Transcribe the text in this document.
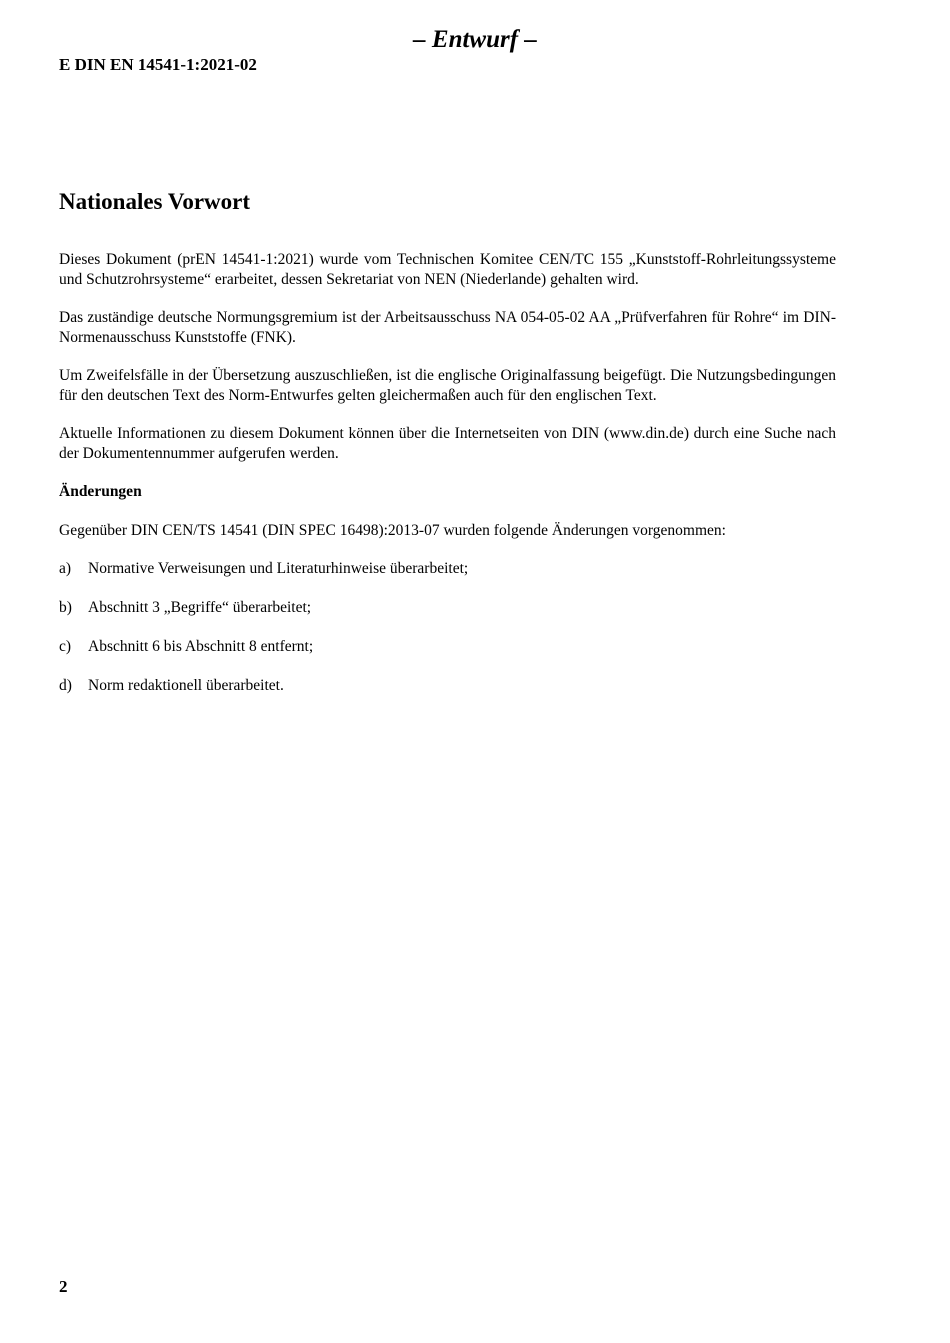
– Entwurf –
E DIN EN 14541-1:2021-02
Nationales Vorwort

Dieses Dokument (prEN 14541-1:2021) wurde vom Technischen Komitee CEN/TC 155 „Kunststoff-Rohrleitungssysteme und Schutzrohrsysteme“ erarbeitet, dessen Sekretariat von NEN (Niederlande) gehalten wird.

Das zuständige deutsche Normungsgremium ist der Arbeitsausschuss NA 054-05-02 AA „Prüfverfahren für Rohre“ im DIN-Normenausschuss Kunststoffe (FNK).

Um Zweifelsfälle in der Übersetzung auszuschließen, ist die englische Originalfassung beigefügt. Die Nutzungsbedingungen für den deutschen Text des Norm-Entwurfes gelten gleichermaßen auch für den englischen Text.

Aktuelle Informationen zu diesem Dokument können über die Internetseiten von DIN (www.din.de) durch eine Suche nach der Dokumentennummer aufgerufen werden.

Änderungen

Gegenüber DIN CEN/TS 14541 (DIN SPEC 16498):2013-07 wurden folgende Änderungen vorgenommen:

a)	Normative Verweisungen und Literaturhinweise überarbeitet;
b)	Abschnitt 3 „Begriffe“ überarbeitet;
c)	Abschnitt 6 bis Abschnitt 8 entfernt;
d)	Norm redaktionell überarbeitet.
2
